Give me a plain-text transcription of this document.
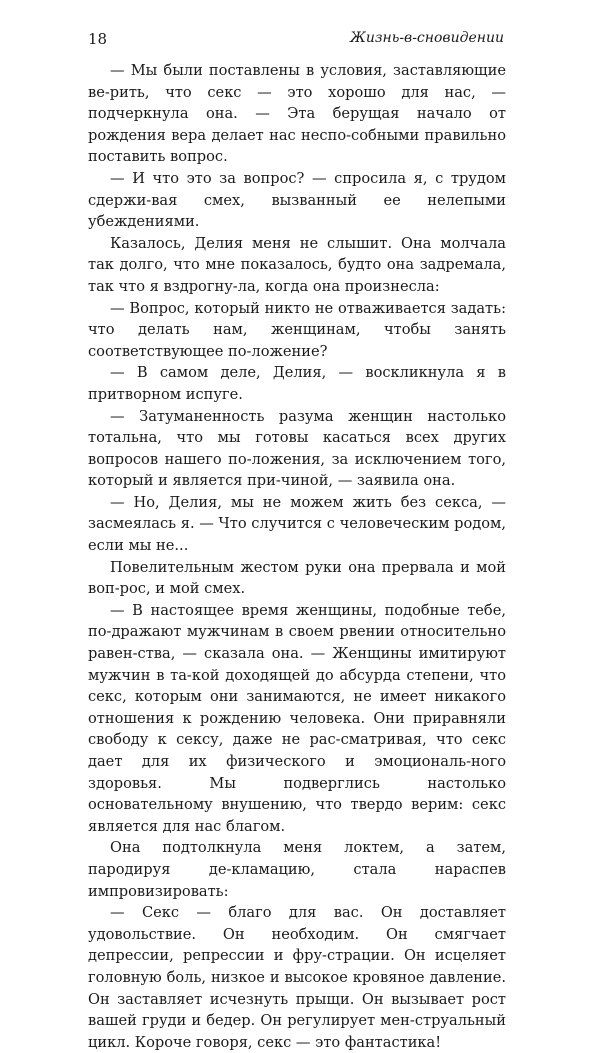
18	Жизнь-в-сновидении

— Мы были поставлены в условия, заставляющие ве-рить, что секс — это хорошо для нас, — подчеркнула она. — Эта берущая начало от рождения вера делает нас неспо-собными правильно поставить вопрос.

— И что это за вопрос? — спросила я, с трудом сдержи-вая смех, вызванный ее нелепыми убеждениями.

Казалось, Делия меня не слышит. Она молчала так долго, что мне показалось, будто она задремала, так что я вздрогну-ла, когда она произнесла:

— Вопрос, который никто не отваживается задать: что делать нам, женщинам, чтобы занять соответствующее по-ложение?

— В самом деле, Делия, — воскликнула я в притворном испуге.

— Затуманенность разума женщин настолько тотальна, что мы готовы касаться всех других вопросов нашего по-ложения, за исключением того, который и является при-чиной, — заявила она.

— Но, Делия, мы не можем жить без секса, — засмеялась я. — Что случится с человеческим родом, если мы не...

Повелительным жестом руки она прервала и мой воп-рос, и мой смех.

— В настоящее время женщины, подобные тебе, по-дражают мужчинам в своем рвении относительно равен-ства, — сказала она. — Женщины имитируют мужчин в та-кой доходящей до абсурда степени, что секс, которым они занимаются, не имеет никакого отношения к рождению человека. Они приравняли свободу к сексу, даже не рас-сматривая, что секс дает для их физического и эмоциональ-ного здоровья. Мы подверглись настолько основательному внушению, что твердо верим: секс является для нас благом.

Она подтолкнула меня локтем, а затем, пародируя де-кламацию, стала нараспев импровизировать:

— Секс — благо для вас. Он доставляет удовольствие. Он необходим. Он смягчает депрессии, репрессии и фру-страции. Он исцеляет головную боль, низкое и высокое кровяное давление. Он заставляет исчезнуть прыщи. Он вызывает рост вашей груди и бедер. Он регулирует мен-струальный цикл. Короче говоря, секс — это фантастика!
